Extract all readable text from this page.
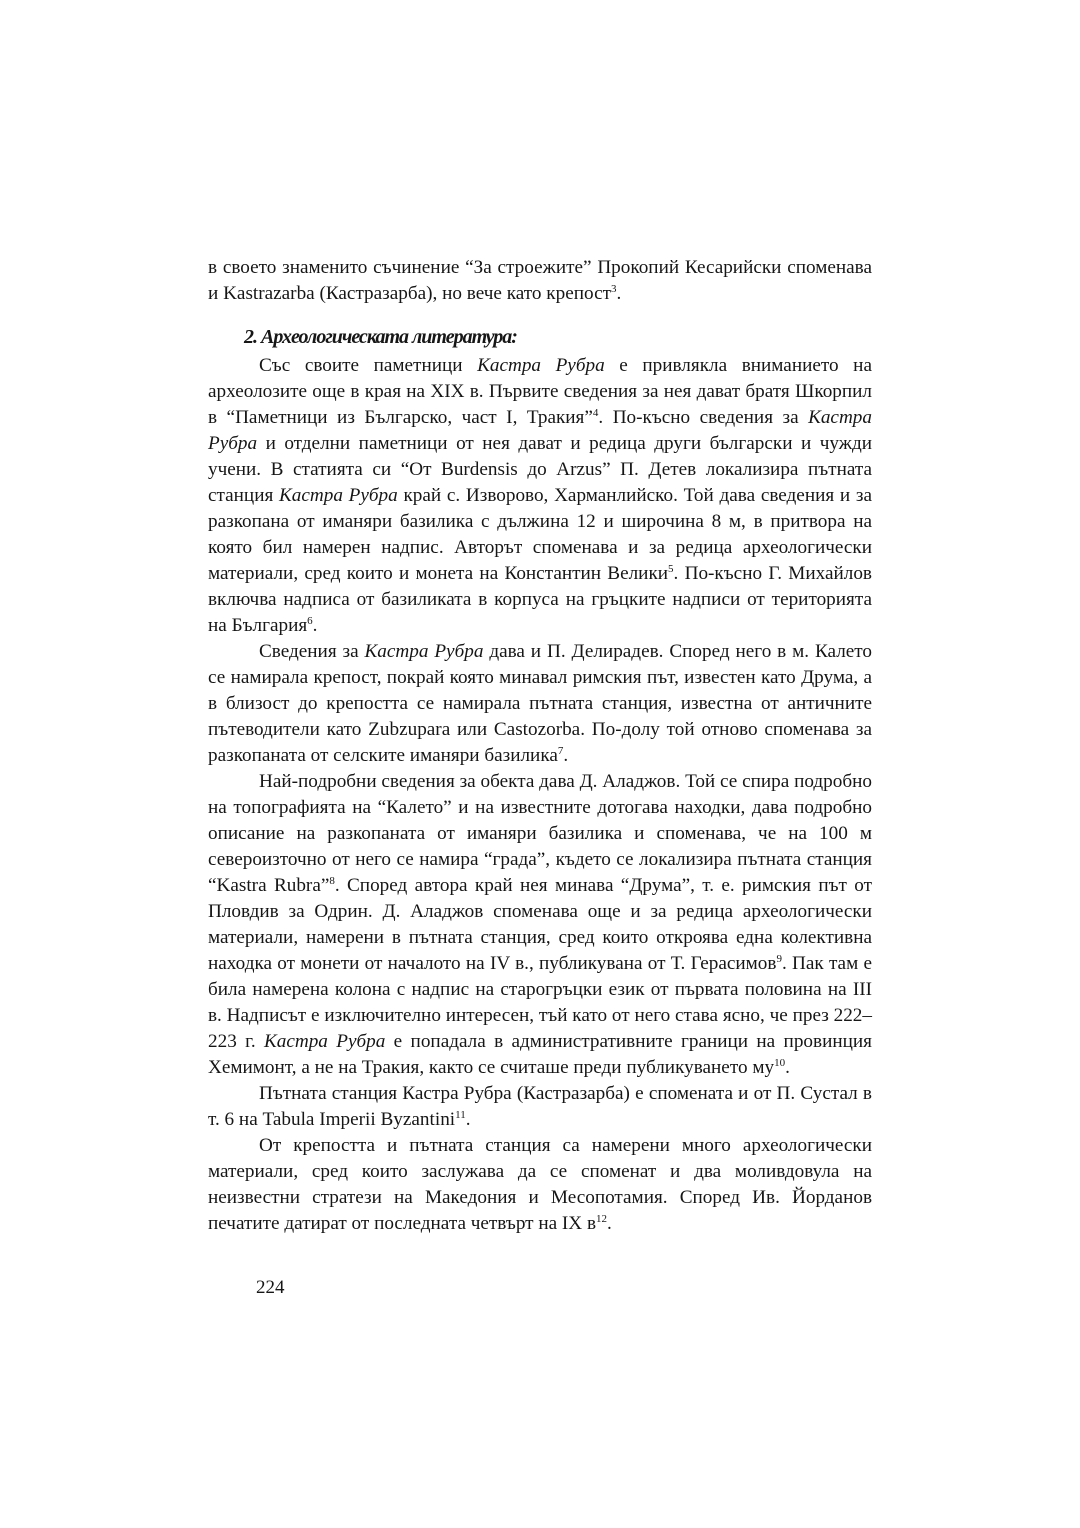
в своето знаменито съчинение “За строежите” Прокопий Кесарийски споменава и Kastrazarba (Кастразарба), но вече като крепост$^3$.

2. Археологическата литература:

Със своите паметници Кастра Рубра е привлякла вниманието на археолозите още в края на XIX в. Първите сведения за нея дават братя Шкорпил в “Паметници из Българско, част I, Тракия”$^4$. По-късно сведения за Кастра Рубра и отделни паметници от нея дават и редица други български и чужди учени. В статията си “От Burdensis до Arzus” П. Детев локализира пътната станция Кастра Рубра край с. Изворово, Харманлийско. Той дава сведения и за разкопана от иманяри базилика с дължина 12 и широчина 8 м, в притвора на която бил намерен надпис. Авторът споменава и за редица археологически материали, сред които и монета на Константин Велики$^5$. По-късно Г. Михайлов включва надписа от базиликата в корпуса на гръцките надписи от територията на България$^6$.

Сведения за Кастра Рубра дава и П. Делирадев. Според него в м. Калето се намирала крепост, покрай която минавал римския път, известен като Друма, а в близост до крепостта се намирала пътната станция, известна от античните пътеводители като Zubzupara или Castozorba. По-долу той отново споменава за разкопаната от селските иманяри базилика$^7$.

Най-подробни сведения за обекта дава Д. Аладжов. Той се спира подробно на топографията на “Калето” и на известните дотогава находки, дава подробно описание на разкопаната от иманяри базилика и споменава, че на 100 м североизточно от него се намира “града”, където се локализира пътната станция “Kastra Rubra”$^8$. Според автора край нея минава “Друма”, т. е. римския път от Пловдив за Одрин. Д. Аладжов споменава още и за редица археологически материали, намерени в пътната станция, сред които откроява една колективна находка от монети от началото на IV в., публикувана от Т. Герасимов$^9$. Пак там е била намерена колона с надпис на старогръцки език от първата половина на III в. Надписът е изключително интересен, тъй като от него става ясно, че през 222–223 г. Кастра Рубра е попадала в административните граници на провинция Хемимонт, а не на Тракия, както се считаше преди публикуването $му^{10}$.

Пътната станция Кастра Рубра (Кастразарба) е спомената и от П. Сустал в т. 6 на Tabula Imperii Byzantini$^{11}$.

От крепостта и пътната станция са намерени много археологически материали, сред които заслужава да се споменат и два моливдовула на неизвестни стратези на Македония и Месопотамия. Според Ив. Йорданов печатите датират от последната четвърт на IX $в^{12}$.

224
